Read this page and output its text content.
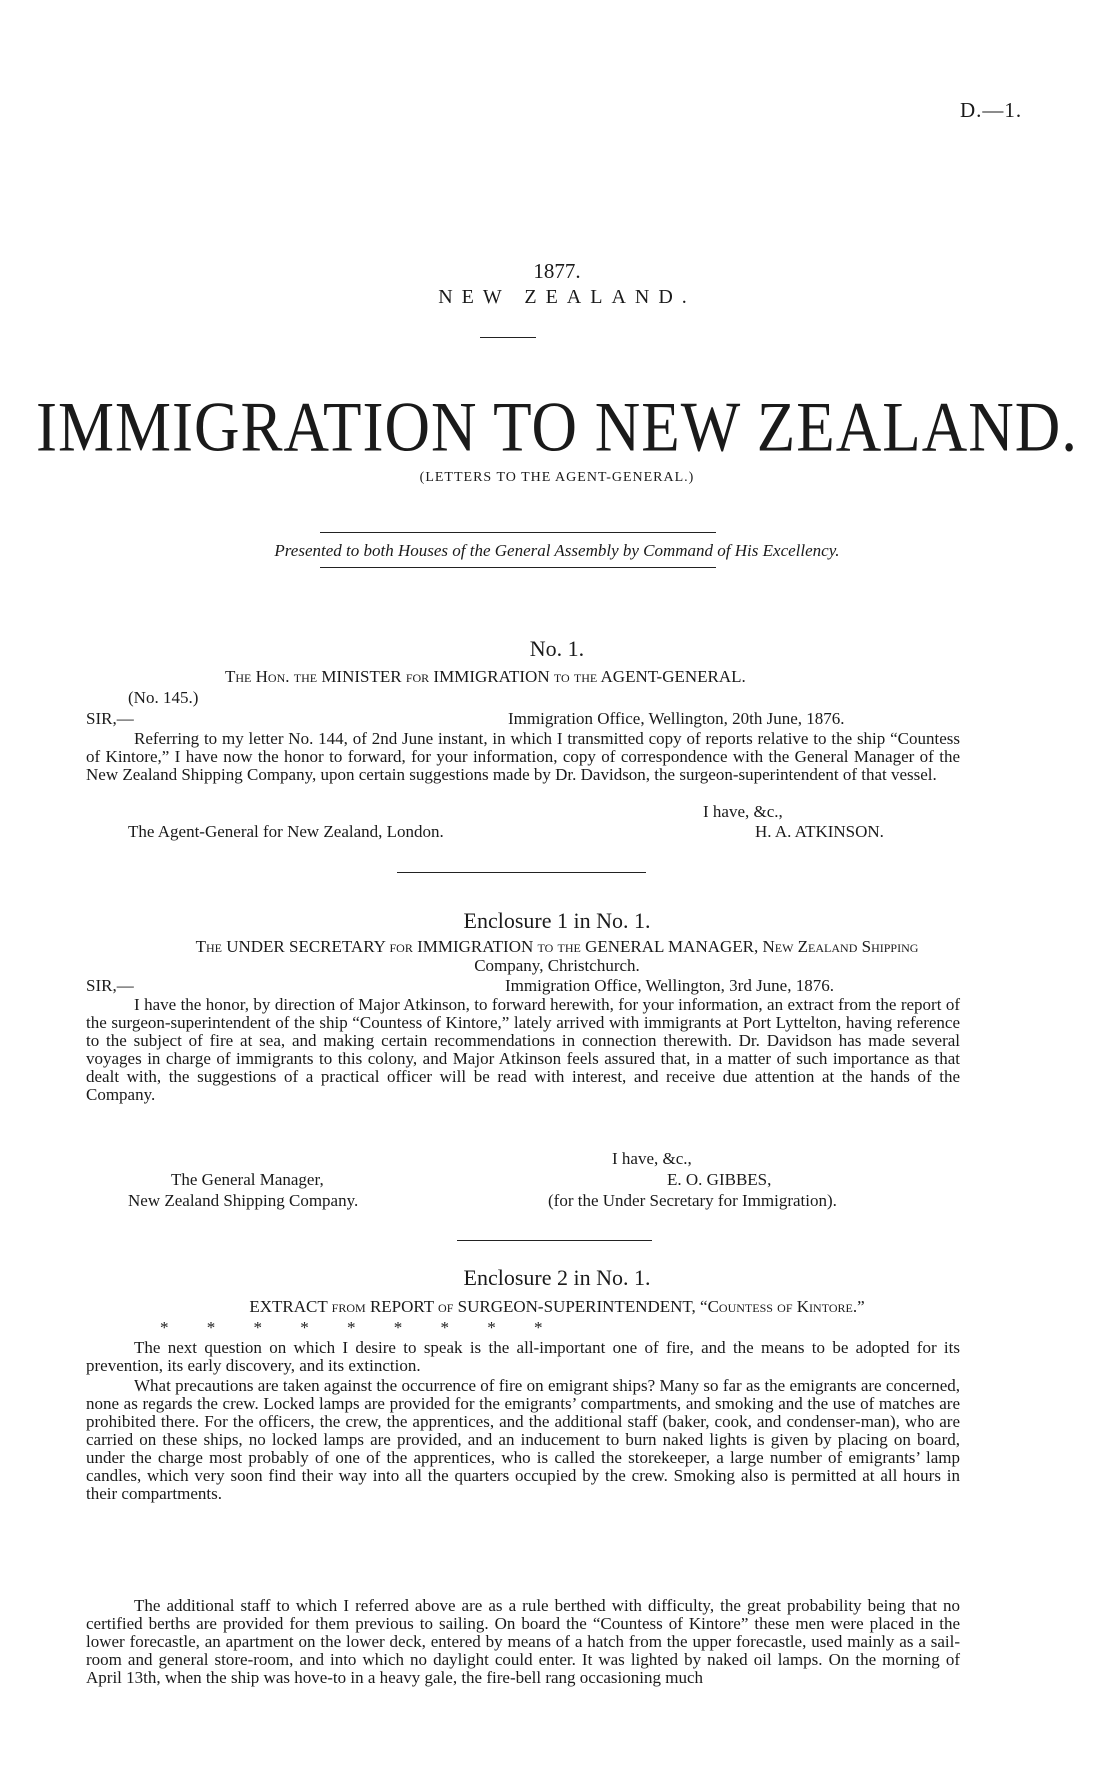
D.—1.
1877.
NEW ZEALAND.
IMMIGRATION TO NEW ZEALAND.
(LETTERS TO THE AGENT-GENERAL.)
Presented to both Houses of the General Assembly by Command of His Excellency.
No. 1.
The Hon. the MINISTER for IMMIGRATION to the AGENT-GENERAL.
(No. 145.)
SIR,—	Immigration Office, Wellington, 20th June, 1876.

Referring to my letter No. 144, of 2nd June instant, in which I transmitted copy of reports relative to the ship “Countess of Kintore,” I have now the honor to forward, for your information, copy of correspondence with the General Manager of the New Zealand Shipping Company, upon certain suggestions made by Dr. Davidson, the surgeon-superintendent of that vessel.

I have, &c.,
The Agent-General for New Zealand, London.	H. A. ATKINSON.
Enclosure 1 in No. 1.
The UNDER SECRETARY for IMMIGRATION to the GENERAL MANAGER, New Zealand Shipping
Company, Christchurch.
SIR,—	Immigration Office, Wellington, 3rd June, 1876.

I have the honor, by direction of Major Atkinson, to forward herewith, for your information, an extract from the report of the surgeon-superintendent of the ship “Countess of Kintore,” lately arrived with immigrants at Port Lyttelton, having reference to the subject of fire at sea, and making certain recommendations in connection therewith. Dr. Davidson has made several voyages in charge of immigrants to this colony, and Major Atkinson feels assured that, in a matter of such importance as that dealt with, the suggestions of a practical officer will be read with interest, and receive due attention at the hands of the Company.

I have, &c.,
The General Manager,	E. O. GIBBES,
New Zealand Shipping Company.	(for the Under Secretary for Immigration).
Enclosure 2 in No. 1.
EXTRACT from REPORT of SURGEON-SUPERINTENDENT, “Countess of Kintore.”
*         *         *         *         *         *         *         *         *

The next question on which I desire to speak is the all-important one of fire, and the means to be adopted for its prevention, its early discovery, and its extinction.

What precautions are taken against the occurrence of fire on emigrant ships? Many so far as the emigrants are concerned, none as regards the crew. Locked lamps are provided for the emigrants’ compartments, and smoking and the use of matches are prohibited there. For the officers, the crew, the apprentices, and the additional staff (baker, cook, and condenser-man), who are carried on these ships, no locked lamps are provided, and an inducement to burn naked lights is given by placing on board, under the charge most probably of one of the apprentices, who is called the storekeeper, a large number of emigrants’ lamp candles, which very soon find their way into all the quarters occupied by the crew. Smoking also is permitted at all hours in their compartments.

The additional staff to which I referred above are as a rule berthed with difficulty, the great probability being that no certified berths are provided for them previous to sailing. On board the “Countess of Kintore” these men were placed in the lower forecastle, an apartment on the lower deck, entered by means of a hatch from the upper forecastle, used mainly as a sail-room and general store-room, and into which no daylight could enter. It was lighted by naked oil lamps. On the morning of April 13th, when the ship was hove-to in a heavy gale, the fire-bell rang occasioning much
